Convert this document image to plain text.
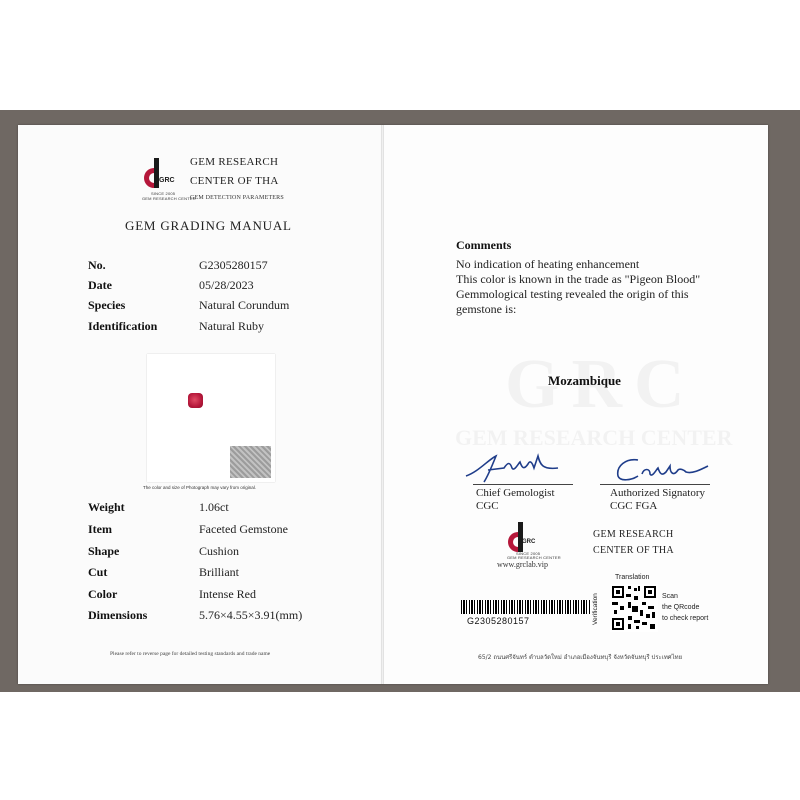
GRC
SINCE 2005
GEM RESEARCH CENTER
GEM RESEARCH
CENTER OF THA
GEM DETECTION PARAMETERS
GEM GRADING MANUAL
No.	G2305280157
Date	05/28/2023
Species	Natural Corundum
Identification	Natural Ruby
The color and size of Photograph may vary from original.
Weight	1.06ct
Item	Faceted Gemstone
Shape	Cushion
Cut	Brilliant
Color	Intense Red
Dimensions	5.76×4.55×3.91(mm)
Please refer to reverse page for detailed testing standards and trade name
Comments
No indication of heating enhancement
This color is known in the trade as "Pigeon Blood"
Gemmological testing revealed the origin of this
gemstone is:
Mozambique
Chief Gemologist
CGC
Authorized Signatory
CGC FGA
GRC
SINCE 2005
GEM RESEARCH CENTER
GEM RESEARCH
CENTER OF THA
www.grclab.vip
G2305280157
Translation
Verification	Scan
the QRcode
to check report
65/2 ถนนศรีจันทร์ ตำบลวัดใหม่ อำเภอเมืองจันทบุรี จังหวัดจันทบุรี ประเทศไทย
